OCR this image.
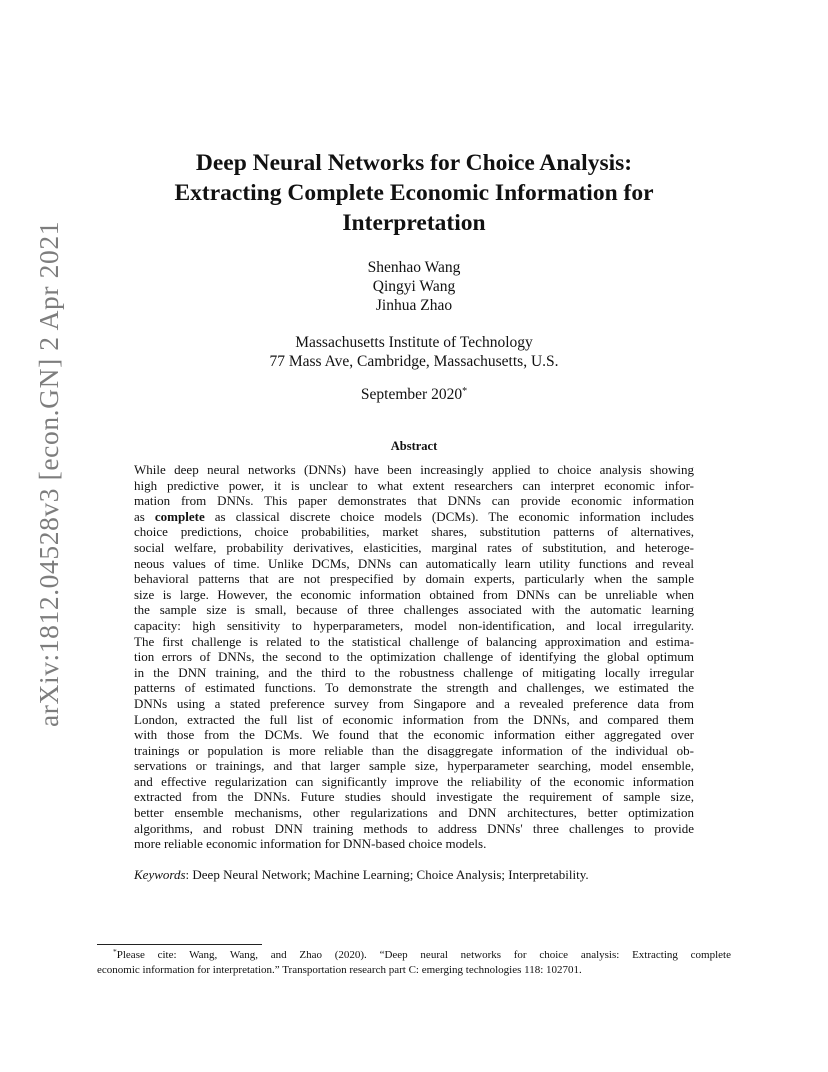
arXiv:1812.04528v3 [econ.GN] 2 Apr 2021
Deep Neural Networks for Choice Analysis:
Extracting Complete Economic Information for
Interpretation
Shenhao Wang
Qingyi Wang
Jinhua Zhao
Massachusetts Institute of Technology
77 Mass Ave, Cambridge, Massachusetts, U.S.
September 2020*
Abstract
While deep neural networks (DNNs) have been increasingly applied to choice analysis showing
high predictive power, it is unclear to what extent researchers can interpret economic infor-
mation from DNNs. This paper demonstrates that DNNs can provide economic information
as complete as classical discrete choice models (DCMs). The economic information includes
choice predictions, choice probabilities, market shares, substitution patterns of alternatives,
social welfare, probability derivatives, elasticities, marginal rates of substitution, and heteroge-
neous values of time. Unlike DCMs, DNNs can automatically learn utility functions and reveal
behavioral patterns that are not prespecified by domain experts, particularly when the sample
size is large. However, the economic information obtained from DNNs can be unreliable when
the sample size is small, because of three challenges associated with the automatic learning
capacity: high sensitivity to hyperparameters, model non-identification, and local irregularity.
The first challenge is related to the statistical challenge of balancing approximation and estima-
tion errors of DNNs, the second to the optimization challenge of identifying the global optimum
in the DNN training, and the third to the robustness challenge of mitigating locally irregular
patterns of estimated functions. To demonstrate the strength and challenges, we estimated the
DNNs using a stated preference survey from Singapore and a revealed preference data from
London, extracted the full list of economic information from the DNNs, and compared them
with those from the DCMs. We found that the economic information either aggregated over
trainings or population is more reliable than the disaggregate information of the individual ob-
servations or trainings, and that larger sample size, hyperparameter searching, model ensemble,
and effective regularization can significantly improve the reliability of the economic information
extracted from the DNNs. Future studies should investigate the requirement of sample size,
better ensemble mechanisms, other regularizations and DNN architectures, better optimization
algorithms, and robust DNN training methods to address DNNs' three challenges to provide
more reliable economic information for DNN-based choice models.
Keywords: Deep Neural Network; Machine Learning; Choice Analysis; Interpretability.
*Please cite: Wang, Wang, and Zhao (2020). “Deep neural networks for choice analysis: Extracting complete
economic information for interpretation.” Transportation research part C: emerging technologies 118: 102701.
